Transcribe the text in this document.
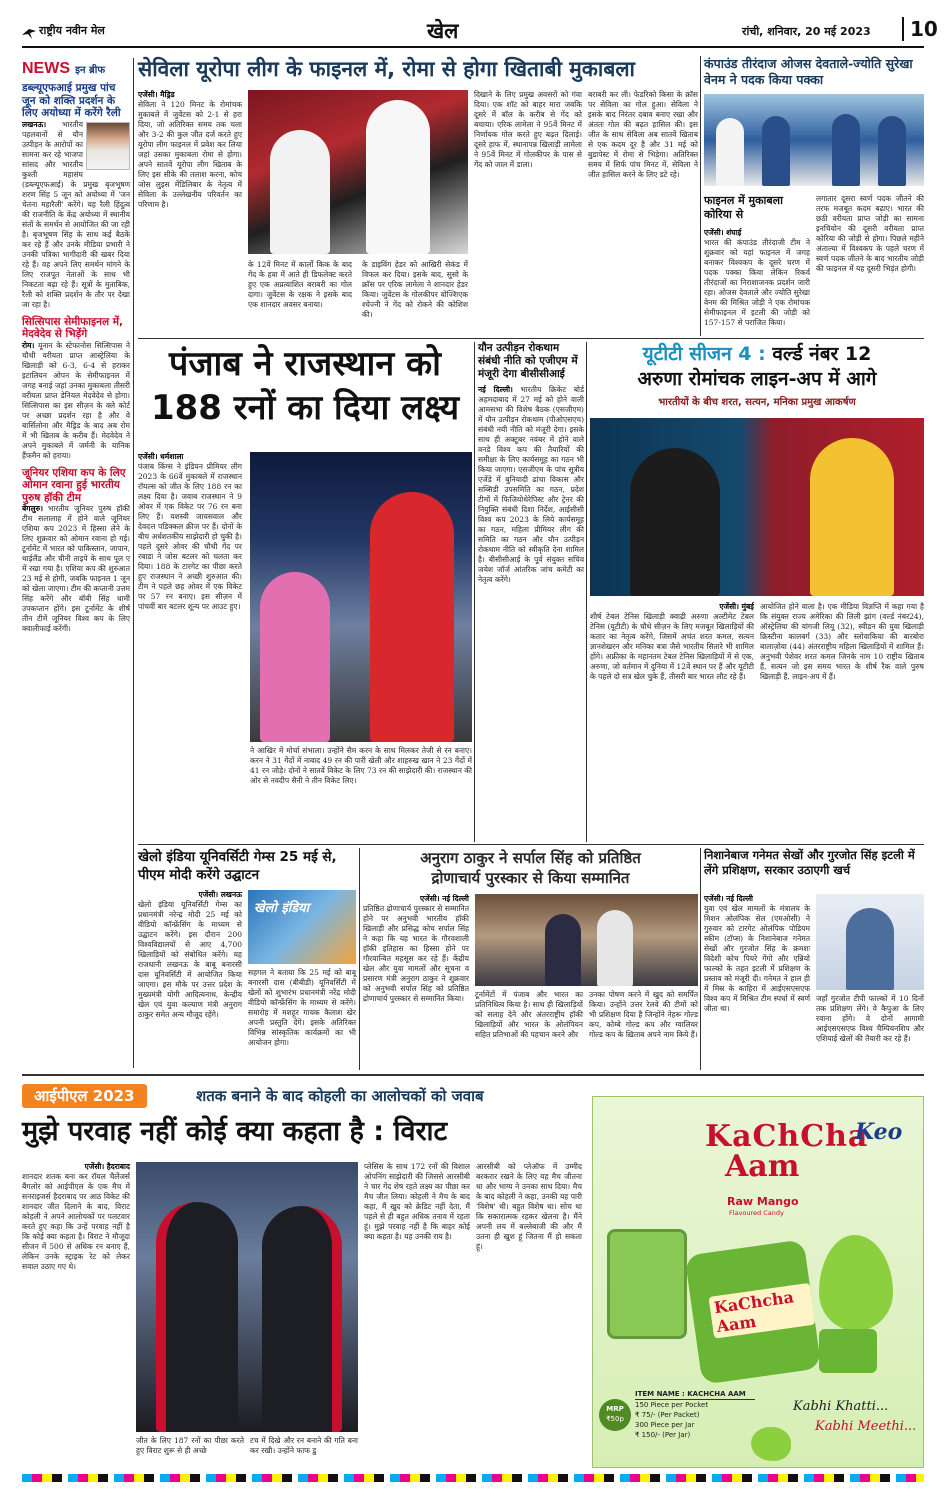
राष्ट्रीय नवीन मेल	खेल	रांची, शनिवार, 20 मई 2023	10
NEWS इन ब्रीफ
डब्ल्यूएफआई प्रमुख पांच जून को शक्ति प्रदर्शन के लिए अयोध्या में करेंगे रैली
लखनऊ। भारतीय पहलवानों से यौन उत्पीड़न के आरोपों का सामना कर रहे भाजपा सांसद और भारतीय कुश्ती महासंघ (डब्ल्यूएफआई) के प्रमुख बृजभूषण शरण सिंह 5 जून को अयोध्या में 'जन चेतना महारैली' करेंगे। यह रैली हिंदुत्व की राजनीति के केंद्र अयोध्या में स्थानीय संतों के समर्थन से आयोजित की जा रही है। बृजभूषण सिंह के साथ कई बैठकें कर रहे हैं और उनके मीडिया प्रभारी ने उनकी पत्रिका भागीदारी की खबर दिया रहे हैं। वह अपने लिए समर्थन मांगने के लिए राजपूत नेताओं के साथ भी निकटता बढ़ा रहे हैं। सूत्रों के मुताबिक, रैली को शक्ति प्रदर्शन के तौर पर देखा जा रहा है।
सित्सिपास सेमीफाइनल में, मेदवेदेव से भिड़ेंगे
रोम। यूनान के स्टेफानोस सित्सिपास ने चौथी वरीयता प्राप्त आस्ट्रेलिया के खिलाड़ी को 6-3, 6-4 से हराकर इटालियन ओपन के सेमीफाइनल में जगह बनाई जहां उनका मुकाबला तीसरी वरीयता प्राप्त डेनियल मेदवेदेव से होगा। सित्सिपास का इस सीज़न के क्ले कोर्ट पर अच्छा प्रदर्शन रहा है और वे बार्सिलोना और मैड्रिड के बाद अब रोम में भी खिताब के करीब हैं। मेदवेदेव ने अपने मुकाबले में जर्मनी के यानिक हैंफमैन को हराया।
जूनियर एशिया कप के लिए ओमान रवाना हुई भारतीय पुरुष हॉकी टीम
बेंगलुरु। भारतीय जूनियर पुरुष हॉकी टीम सलालाह में होने वाले जूनियर एशिया कप 2023 में हिस्सा लेने के लिए शुक्रवार को ओमान रवाना हो गई। टूर्नामेंट में भारत को पाकिस्तान, जापान, थाईलैंड और चीनी ताइपे के साथ पूल ए में रखा गया है। एशिया कप की शुरुआत 23 मई से होगी, जबकि फाइनल 1 जून को खेला जाएगा। टीम की कप्तानी उत्तम सिंह करेंगे और बॉबी सिंह धामी उपकप्तान होंगे। इस टूर्नामेंट के शीर्ष तीन टीमें जूनियर विश्व कप के लिए क्वालीफाई करेंगी।
सेविला यूरोपा लीग के फाइनल में, रोमा से होगा खिताबी मुकाबला
एजेंसी। मैड्रिड
सेविला ने 120 मिनट के रोमांचक मुकाबले में जुवेंटस को 2-1 से हरा दिया, जो अतिरिक्त समय तक चला और 3-2 की कुल जीत दर्ज करते हुए यूरोपा लीग फाइनल में प्रवेश कर लिया जहां उसका मुकाबला रोमा से होगा। अपने सातवें यूरोपा लीग खिताब के लिए इस सीके की तलाश करना, कोच जोस लुइस मेंडिलिबार के नेतृत्व में सेविला के उल्लेखनीय परिवर्तन का परिणाम है।
के 12वें मिनट में कार्लो किक के बाद गेंद के हवा में आते ही डिफलेक्ट करते हुए एक अप्रत्याशित बराबरी का गोल दागा। जुवेंटस के रक्षक ने इसके बाद एक शानदार अवसर बनाया।
के डाइविंग हेडर को आखिरी सेकंड में विफल कर दिया। इसके बाद, सुसो के क्रॉस पर एरिक लामेला ने शानदार हेडर किया। जुवेंटस के गोलकीपर वोज्शिएक श्चेज्नी ने गेंद को रोकने की कोशिश की।
दिखाने के लिए प्रमुख अवसरों को गंवा दिया। एक शॉट को बाहर मारा जबकि दूसरे में बॉल के करीब से गेंद को बचाया। एरिक लामेला ने 95वें मिनट में निर्णायक गोल करते हुए बढ़त दिलाई। दूसरे हाफ में, स्थानापन्न खिलाड़ी लामेला ने 95वें मिनट में गोलकीपर के पास से गेंद को जाल में डाला।
बराबरी कर ली। फेडरिको किसा के क्रॉस पर सेविला का गोल हुआ। सेविला ने इसके बाद निरंतर दबाव बनाए रखा और अंततः गोल की बढ़त हासिल की। इस जीत के साथ सेविला अब सातवें खिताब से एक कदम दूर है और 31 मई को बुडापेस्ट में रोमा से भिड़ेगा। अतिरिक्त समय में सिर्फ पांच मिनट में, सेविला ने जीत हासिल करने के लिए डटे रहे।
कंपाउंड तीरंदाज ओजस देवताले-ज्योति सुरेखा वेनम ने पदक किया पक्का
फाइनल में मुकाबला कोरिया से
एजेंसी। शंघाई
भारत की कंपाउंड तीरंदाजी टीम ने शुक्रवार को यहां फाइनल में जगह बनाकर विश्वकप के दूसरे चरण में पदक पक्का किया लेकिन रिकर्व तीरंदाजों का निराशाजनक प्रदर्शन जारी रहा। ओजस देवताले और ज्योति सुरेखा वेनम की मिश्रित जोड़ी ने एक रोमांचक सेमीफाइनल में इटली की जोड़ी को 157-157 से पराजित किया।
लगातार दूसरा स्वर्ण पदक जीतने की तरफ मजबूत कदम बढ़ाए। भारत की छठी वरीयता प्राप्त जोड़ी का सामना इनचियोन की दूसरी वरीयता प्राप्त कोरिया की जोड़ी से होगा। पिछले महीने अंताल्या में विश्वकप के पहले चरण में स्वर्ण पदक जीतने के बाद भारतीय जोड़ी की फाइनल में यह दूसरी भिड़ंत होगी।
पंजाब ने राजस्थान को
188 रनों का दिया लक्ष्य
एजेंसी। धर्मशाला
पंजाब किंग्स ने इंडियन प्रीमियर लीग 2023 के 66वें मुकाबले में राजस्थान रॉयल्स को जीत के लिए 188 रन का लक्ष्य दिया है। जवाब राजस्थान ने 9 ओवर में एक विकेट पर 76 रन बना लिए हैं। यशस्वी जायसवाल और देवदत्त पडिक्कल क्रीज पर हैं। दोनों के बीच अर्धशतकीय साझेदारी हो चुकी है। पहले दूसरे ओवर की चौथी गेंद पर रबाडा ने जोस बटलर को चलता कर दिया। 188 के टारगेट का पीछा करते हुए राजस्थान ने अच्छी शुरुआत की। टीम ने पहले छह ओवर में एक विकेट पर 57 रन बनाए। इस सीज़न में पांचवीं बार बटलर शून्य पर आउट हुए।
ने आखिर में मोर्चा संभाला। उन्होंने सैम करन के साथ मिलकर तेजी से रन बनाए। करन ने 31 गेंदों में नाबाद 49 रन की पारी खेली और शाहरुख खान ने 23 गेंदों में 41 रन जोड़े। दोनों ने सातवें विकेट के लिए 73 रन की साझेदारी की। राजस्थान की ओर से नवदीप सैनी ने तीन विकेट लिए।
यौन उत्पीड़न रोकथाम संबंधी नीति को एजीएम में मंजूरी देगा बीसीसीआई
नई दिल्ली। भारतीय क्रिकेट बोर्ड अहमदाबाद में 27 मई को होने वाली आमसभा की विशेष बैठक (एसजीएम) में यौन उत्पीड़न रोकथाम (पीओएसएच) संबंधी नयी नीति को मंजूरी देगा। इसके साथ ही अक्टूबर नवंबर में होने वाले वनडे विश्व कप की तैयारियों की समीक्षा के लिए कार्यसमूह का गठन भी किया जाएगा। एसजीएम के पांच सूत्रीय एजेंडे में बुनियादी ढांचा विकास और सब्सिडी उपसमिति का गठन, प्रदेश टीमों में फिजियोथेरेपिस्ट और ट्रेनर की नियुक्ति संबंधी दिशा निर्देश, आईसीसी विश्व कप 2023 के लिये कार्यसमूह का गठन, महिला प्रीमियर लीग की समिति का गठन और यौन उत्पीड़न रोकथाम नीति को स्वीकृति देना शामिल है। बीसीसीआई के पूर्व संयुक्त सचिव जयेश जॉर्ज आंतरिक जांच कमेटी का नेतृत्व करेंगे।
यूटीटी सीजन 4 : वर्ल्ड नंबर 12
अरुणा रोमांचक लाइन-अप में आगे
भारतीयों के बीच शरत, सत्यन, मनिका प्रमुख आकर्षण
एजेंसी। मुंबई
शीर्ष टेबल टेनिस खिलाड़ी क्वाद्री अरुणा अल्टीमेट टेबल टेनिस (यूटीटी) के चौथे सीज़न के लिए मजबूत खिलाड़ियों की कतार का नेतृत्व करेंगे, जिसमें अचंत शरत कमल, सत्यन ज्ञानशेखरन और मनिका बत्रा जैसे भारतीय सितारे भी शामिल होंगे। अफ्रीका के महानतम टेबल टेनिस खिलाड़ियों में से एक, अरुणा, जो वर्तमान में दुनिया में 12वें स्थान पर हैं और यूटीटी के पहले दो सत्र खेल चुके हैं, तीसरी बार भारत लौट रहे हैं।
आयोजित होने वाला है। एक मीडिया विज्ञप्ति में कहा गया है कि संयुक्त राज्य अमेरिका की लिली झांग (वर्ल्ड नंबर24), ऑस्ट्रेलिया की यांगजी लियू (32), स्वीडन की युवा खिलाड़ी क्रिस्टीना कालबर्ग (33) और स्लोवाकिया की बारबोरा बालाज़ोवा (44) अंतरराष्ट्रीय महिला खिलाड़ियों में शामिल हैं। अनुभवी पेशेवर शरत कमल जिनके नाम 10 राष्ट्रीय खिताब हैं, सत्यन जो इस समय भारत के शीर्ष रैंक वाले पुरुष खिलाड़ी हैं, लाइन-अप में हैं।
खेलो इंडिया यूनिवर्सिटी गेम्स 25 मई से, पीएम मोदी करेंगे उद्घाटन
एजेंसी। लखनऊ
खेलो इंडिया यूनिवर्सिटी गेम्स का प्रधानमंत्री नरेन्द्र मोदी 25 मई को वीडियो कॉन्फ्रेंसिंग के माध्यम से उद्घाटन करेंगे। इस दौरान 200 विश्वविद्यालयों से आए 4,700 खिलाड़ियों को संबोधित करेंगे। यह राजधानी लखनऊ के बाबू बनारसी दास यूनिवर्सिटी में आयोजित किया जाएगा। इस मौके पर उत्तर प्रदेश के मुख्यमंत्री योगी आदित्यनाथ, केन्द्रीय खेल एवं युवा कल्याण मंत्री अनुराग ठाकुर समेत अन्य मौजूद रहेंगे।
खेलो इंडिया
सहगल ने बताया कि 25 मई को बाबू बनारसी दास (बीबीडी) यूनिवर्सिटी में खेलों को शुभारंभ प्रधानमंत्री नरेंद्र मोदी वीडियो कॉन्फ्रेंसिंग के माध्यम से करेंगे। समारोह में मशहूर गायक कैलाश खेर अपनी प्रस्तुति देंगे। इसके अतिरिक्त विभिन्न सांस्कृतिक कार्यक्रमों का भी आयोजन होगा।
अनुराग ठाकुर ने सर्पाल सिंह को प्रतिष्ठित
द्रोणाचार्य पुरस्कार से किया सम्मानित
एजेंसी। नई दिल्ली
प्रतिष्ठित द्रोणाचार्य पुरस्कार से सम्मानित होने पर अनुभवी भारतीय हॉकी खिलाड़ी और प्रसिद्ध कोच सर्पाल सिंह ने कहा कि यह भारत के गौरवशाली हॉकी इतिहास का हिस्सा होने पर गौरवान्वित महसूस कर रहे हैं। केंद्रीय खेल और युवा मामलों और सूचना व प्रसारण मंत्री अनुराग ठाकुर ने शुक्रवार को अनुभवी सर्पाल सिंह को प्रतिष्ठित द्रोणाचार्य पुरस्कार से सम्मानित किया।	टूर्नामेंटों में पंजाब और भारत का प्रतिनिधित्व किया है। साथ ही खिलाड़ियों को सलाह देने और अंतरराष्ट्रीय हॉकी खिलाड़ियों और भारत के ओलंपियन सहित प्रतिभाओं की पहचान करने और
उनका पोषण करने में खुद को समर्पित किया। उन्होंने उत्तर रेलवे की टीमों को भी प्रशिक्षण दिया है जिन्होंने नेहरू गोल्ड कप, कोम्बे गोल्ड कप और ग्वालियर गोल्ड कप के ख़िताब अपने नाम किये हैं।
निशानेबाज गनेमत सेखों और गुरजोत सिंह इटली में लेंगे प्रशिक्षण, सरकार उठाएगी खर्च
एजेंसी। नई दिल्ली
युवा एवं खेल मामलों के मंत्रालय के मिशन ओलंपिक सेल (एमओसी) ने गुरुवार को टारगेट ओलंपिक पोडियम स्कीम (टॉप्स) के निशानेबाज गनेमत सेखों और गुरजोत सिंह के क्रमशः विदेशी कोच पियरे गेंगो और एन्नियो फाल्को के तहत इटली में प्रशिक्षण के प्रस्ताव को मंजूरी दी। गनेमत ने हाल ही में मिस्र के काहिरा में आईएसएसएफ विश्व कप में मिश्रित टीम स्पर्धा में स्वर्ण जीता था।
जहाँ गुरजोत टीपी फाल्को में 10 दिनों तक प्रशिक्षण लेंगे। वे कैपुआ के लिए रवाना होंगे। वे दोनों आगामी आईएसएसएफ विश्व चैम्पियनशिप और एशियाई खेलों की तैयारी कर रहे हैं।
आईपीएल 2023	शतक बनाने के बाद कोहली का आलोचकों को जवाब
मुझे परवाह नहीं कोई क्या कहता है : विराट
एजेंसी। हैदराबाद
शानदार शतक बना कर रॉयल चैलेंजर्स बैंगलोर को आईपीएल के एक मैच में सनराइजर्स हैदराबाद पर आठ विकेट की शानदार जीत दिलाने के बाद, विराट कोहली ने अपने आलोचकों पर पलटवार करते हुए कहा कि उन्हें परवाह नहीं है कि कोई क्या कहता है। विराट ने मौजूदा सीजन में 500 से अधिक रन बनाए हैं, लेकिन उनके स्ट्राइक रेट को लेकर सवाल उठाए गए थे।
जीत के लिए 187 रनों का पीछा करते हुए विराट शुरू से ही अच्छे
टच में दिखे और रन बनाने की गति बना कर रखी। उन्होंने फाफ डु
प्लेसिस के साथ 172 रनों की विशाल ओपनिंग साझेदारी की जिससे आरसीबी ने चार गेंद शेष रहते लक्ष्य का पीछा कर मैच जीत लिया। कोहली ने मैच के बाद कहा, मैं खुद को क्रेडिट नहीं देता, मैं पहले से ही बहुत अधिक तनाव में रहता हूं। मुझे परवाह नहीं है कि बाहर कोई क्या कहता है। यह उनकी राय है।
आरसीबी को प्लेऑफ में उम्मीद बरकरार रखने के लिए यह मैच जीतना था और भाग्य ने उनका साथ दिया। मैच के बाद कोहली ने कहा, उनकी यह पारी 'विशेष' थी। बहुत विशेष था। सोच था कि सकारात्मक रहकर खेलना है। मैंने अपनी लय में बल्लेबाजी की और मैं उतना ही खुश हूं जितना मैं हो सकता हूं।
KaChCha
Aam
Keo
Raw Mango
Flavoured Candy
KaChcha Aam
ITEM NAME : KACHCHA AAM
150 Piece per Pocket
₹ 75/- (Per Packet)
300 Piece per Jar
₹ 150/- (Per Jar)
MRP
₹50p
Kabhi Khatti...
Kabhi Meethi...
